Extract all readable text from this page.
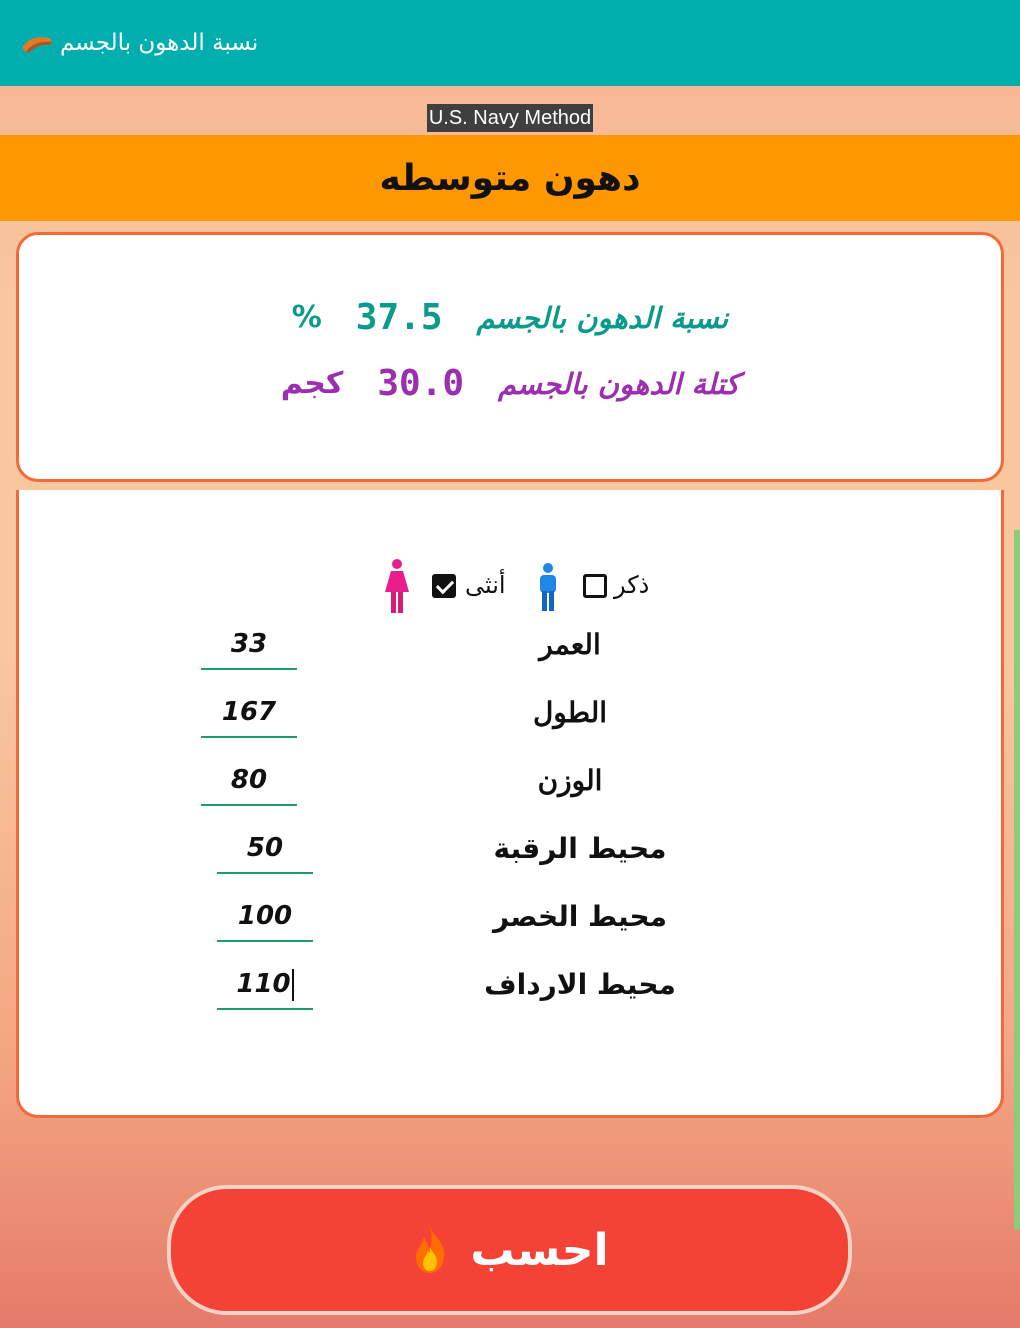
نسبة الدهون بالجسم
U.S. Navy Method
دهون متوسطه
نسبة الدهون بالجسم
37.5
%
كتلة الدهون بالجسم
30.0
كجم
ذكر
أنثى
العمر
33
الطول
167
الوزن
80
محيط الرقبة
50
محيط الخصر
100
محيط الارداف
110
احسب
